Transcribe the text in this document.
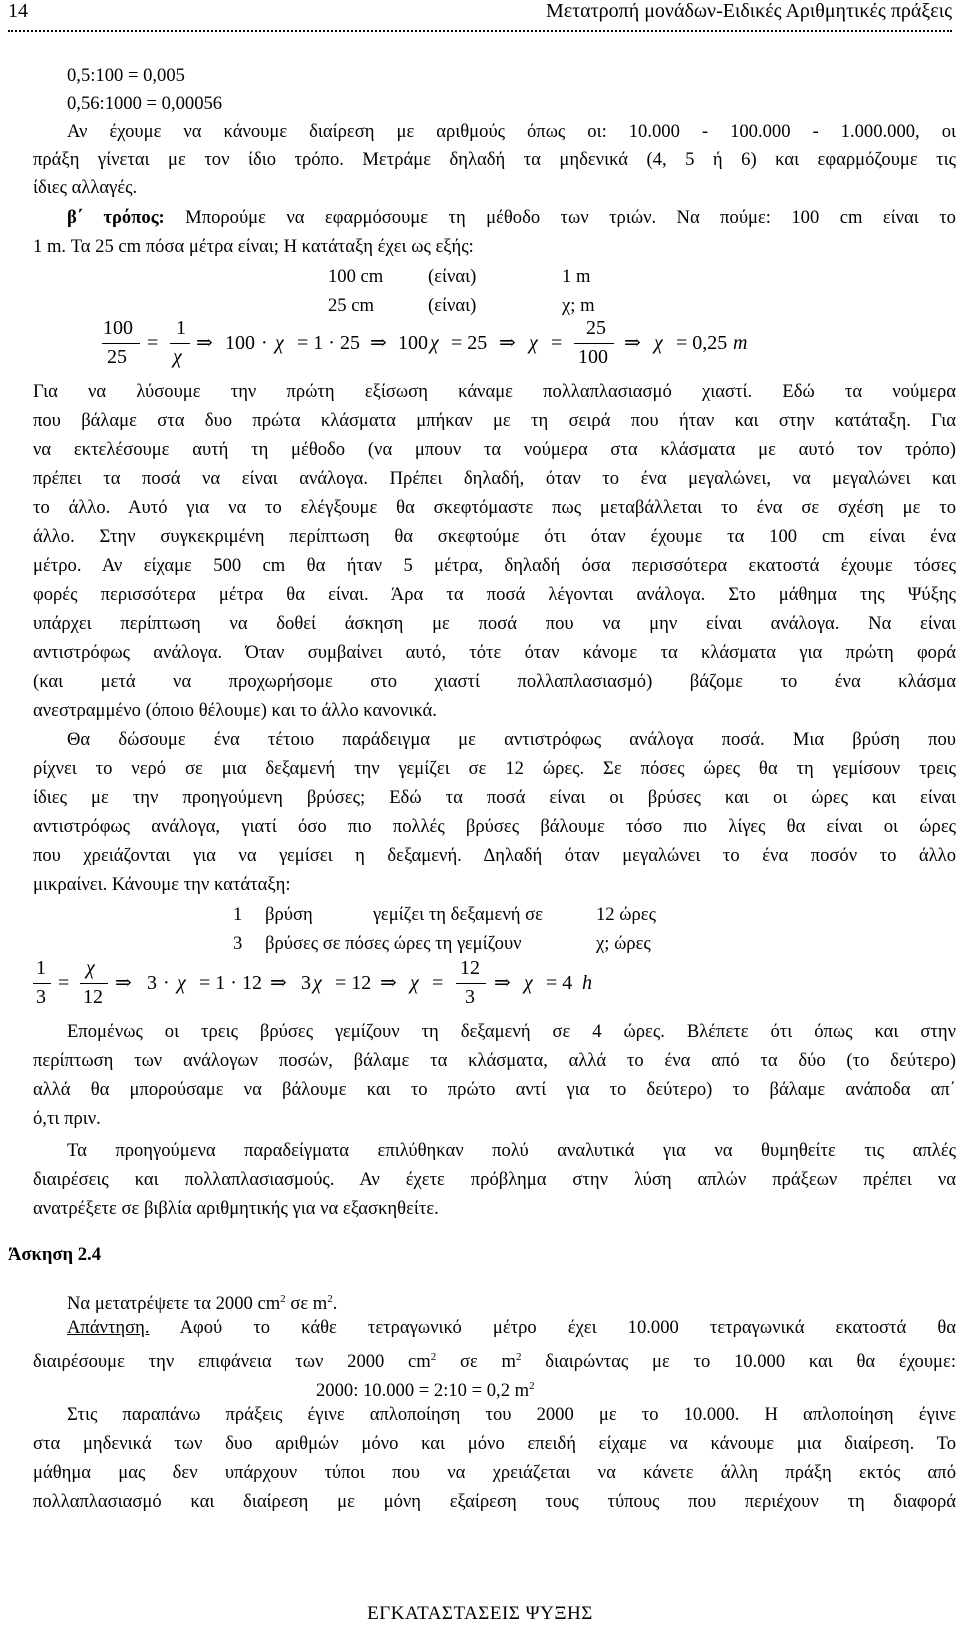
14	Μετατροπή μονάδων-Ειδικές Αριθμητικές πράξεις
0,5:100 = 0,005
0,56:1000 = 0,00056
Αν έχουμε να κάνουμε διαίρεση με αριθμούς όπως οι: 10.000 - 100.000 - 1.000.000, οι
πράξη γίνεται με τον ίδιο τρόπο. Μετράμε δηλαδή τα μηδενικά (4, 5 ή 6) και εφαρμόζουμε τις
ίδιες αλλαγές.
β΄ τρόπος: Μπορούμε να εφαρμόσουμε τη μέθοδο των τριών. Να πούμε: 100 cm είναι το
1 m. Τα 25 cm πόσα μέτρα είναι; Η κατάταξη έχει ως εξής:
100 cm (είναι)	1 m
25 cm	(είναι)	χ; m
100
25
=
1
χ
⇒ 100 · χ = 1 · 25 ⇒ 100 χ = 25 ⇒ χ =
25
100
⇒ χ = 0,25 m
Για να λύσουμε την πρώτη εξίσωση κάναμε πολλαπλασιασμό χιαστί. Εδώ τα νούμερα
που βάλαμε στα δυο πρώτα κλάσματα μπήκαν με τη σειρά που ήταν και στην κατάταξη. Για
να εκτελέσουμε αυτή τη μέθοδο (να μπουν τα νούμερα στα κλάσματα με αυτό τον τρόπο)
πρέπει τα ποσά να είναι ανάλογα. Πρέπει δηλαδή, όταν το ένα μεγαλώνει, να μεγαλώνει και
το άλλο. Αυτό για να το ελέγξουμε θα σκεφτόμαστε πως μεταβάλλεται το ένα σε σχέση με το
άλλο. Στην συγκεκριμένη περίπτωση θα σκεφτούμε ότι όταν έχουμε τα 100 cm είναι ένα
μέτρο. Αν είχαμε 500 cm θα ήταν 5 μέτρα, δηλαδή όσα περισσότερα εκατοστά έχουμε τόσες
φορές περισσότερα μέτρα θα είναι. Άρα τα ποσά λέγονται ανάλογα. Στο μάθημα της Ψύξης
υπάρχει περίπτωση να δοθεί άσκηση με ποσά που να μην είναι ανάλογα. Να είναι
αντιστρόφως ανάλογα. Όταν συμβαίνει αυτό, τότε όταν κάνομε τα κλάσματα για πρώτη φορά
(και μετά να προχωρήσομε στο χιαστί πολλαπλασιασμό) βάζομε το ένα κλάσμα
ανεστραμμένο (όποιο θέλουμε) και το άλλο κανονικά.
Θα δώσουμε ένα τέτοιο παράδειγμα με αντιστρόφως ανάλογα ποσά. Μια βρύση που
ρίχνει το νερό σε μια δεξαμενή την γεμίζει σε 12 ώρες. Σε πόσες ώρες θα τη γεμίσουν τρεις
ίδιες με την προηγούμενη βρύσες; Εδώ τα ποσά είναι οι βρύσες και οι ώρες και είναι
αντιστρόφως ανάλογα, γιατί όσο πιο πολλές βρύσες βάλουμε τόσο πιο λίγες θα είναι οι ώρες
που χρειάζονται για να γεμίσει η δεξαμενή. Δηλαδή όταν μεγαλώνει το ένα ποσόν το άλλο
μικραίνει. Κάνουμε την κατάταξη:
1 βρύση	γεμίζει τη δεξαμενή σε	12 ώρες
3 βρύσες σε πόσες ώρες τη γεμίζουν	χ; ώρες
1
3
=
χ
12
⇒ 3 · χ = 1 · 12 ⇒ 3 χ = 12 ⇒ χ =
12
3
⇒ χ = 4 h
Επομένως οι τρεις βρύσες γεμίζουν τη δεξαμενή σε 4 ώρες. Βλέπετε ότι όπως και στην
περίπτωση των ανάλογων ποσών, βάλαμε τα κλάσματα, αλλά το ένα από τα δύο (το δεύτερο)
αλλά θα μπορούσαμε να βάλουμε και το πρώτο αντί για το δεύτερο) το βάλαμε ανάποδα απ΄
ό,τι πριν.
Τα προηγούμενα παραδείγματα επιλύθηκαν πολύ αναλυτικά για να θυμηθείτε τις απλές
διαιρέσεις και πολλαπλασιασμούς. Αν έχετε πρόβλημα στην λύση απλών πράξεων πρέπει να
ανατρέξετε σε βιβλία αριθμητικής για να εξασκηθείτε.
Άσκηση 2.4
Να μετατρέψετε τα 2000 $cm^2$ σε $m^2$.
Απάντηση. Αφού το κάθε τετραγωνικό μέτρο έχει 10.000 τετραγωνικά εκατοστά θα
διαιρέσουμε την επιφάνεια των 2000 $cm^2$ σε $m^2$ διαιρώντας με το 10.000 και θα έχουμε:
2000: 10.000 = 2:10 = 0,2 $m^2$
Στις παραπάνω πράξεις έγινε απλοποίηση του 2000 με το 10.000. Η απλοποίηση έγινε
στα μηδενικά των δυο αριθμών μόνο και μόνο επειδή είχαμε να κάνουμε μια διαίρεση. Το
μάθημα μας δεν υπάρχουν τύποι που να χρειάζεται να κάνετε άλλη πράξη εκτός από
πολλαπλασιασμό και διαίρεση με μόνη εξαίρεση τους τύπους που περιέχουν τη διαφορά
ΕΓΚΑΤΑΣΤΑΣΕΙΣ ΨΥΞΗΣ
